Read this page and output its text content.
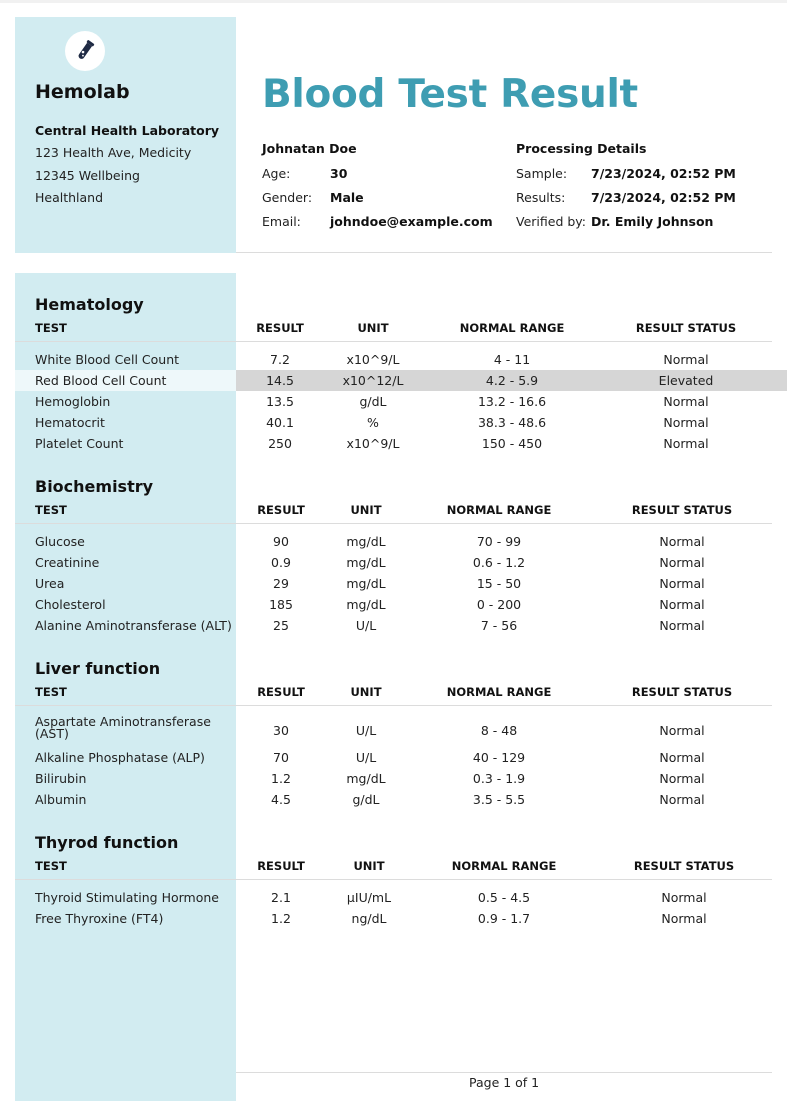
Hemolab
Central Health Laboratory
123 Health Ave, Medicity
12345 Wellbeing
Healthland
Blood Test Result
Johnatan Doe
Age:	30
Gender: Male
Email: johndoe@example.com
Processing Details
Sample: 7/23/2024, 02:52 PM
Results: 7/23/2024, 02:52 PM
Verified by: Dr. Emily Johnson
Hematology
TEST	RESULT	UNIT	NORMAL RANGE	RESULT STATUS
White Blood Cell Count	7.2	x10^9/L	4 - 11	Normal
Red Blood Cell Count	14.5	x10^12/L	4.2 - 5.9	Elevated
Hemoglobin	13.5	g/dL	13.2 - 16.6	Normal
Hematocrit	40.1	%	38.3 - 48.6	Normal
Platelet Count	250	x10^9/L	150 - 450	Normal
Biochemistry
TEST	RESULT	UNIT	NORMAL RANGE	RESULT STATUS
Glucose	90	mg/dL	70 - 99	Normal
Creatinine	0.9	mg/dL	0.6 - 1.2	Normal
Urea	29	mg/dL	15 - 50	Normal
Cholesterol	185	mg/dL	0 - 200	Normal
Alanine Aminotransferase (ALT)	25	U/L	7 - 56	Normal
Liver function
TEST	RESULT	UNIT	NORMAL RANGE	RESULT STATUS
Aspartate Aminotransferase (AST)	30	U/L	8 - 48	Normal
Alkaline Phosphatase (ALP)	70	U/L	40 - 129	Normal
Bilirubin	1.2	mg/dL	0.3 - 1.9	Normal
Albumin	4.5	g/dL	3.5 - 5.5	Normal
Thyrod function
TEST	RESULT	UNIT	NORMAL RANGE	RESULT STATUS
Thyroid Stimulating Hormone	2.1	µIU/mL	0.5 - 4.5	Normal
Free Thyroxine (FT4)	1.2	ng/dL	0.9 - 1.7	Normal
Page 1 of 1
